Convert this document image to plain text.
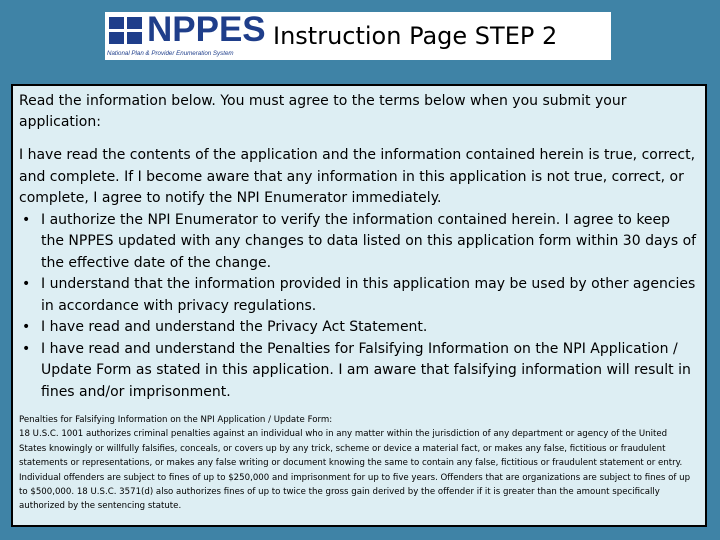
NPPES
National Plan & Provider Enumeration System
Instruction Page STEP 2

Read the information below. You must agree to the terms below when you submit your application:

I have read the contents of the application and the information contained herein is true, correct, and complete. If I become aware that any information in this application is not true, correct, or complete, I agree to notify the NPI Enumerator immediately.

• I authorize the NPI Enumerator to verify the information contained herein. I agree to keep the NPPES updated with any changes to data listed on this application form within 30 days of the effective date of the change.
• I understand that the information provided in this application may be used by other agencies in accordance with privacy regulations.
• I have read and understand the Privacy Act Statement.
• I have read and understand the Penalties for Falsifying Information on the NPI Application / Update Form as stated in this application. I am aware that falsifying information will result in fines and/or imprisonment.
Penalties for Falsifying Information on the NPI Application / Update Form:
18 U.S.C. 1001 authorizes criminal penalties against an individual who in any matter within the jurisdiction of any department or agency of the United States knowingly or willfully falsifies, conceals, or covers up by any trick, scheme or device a material fact, or makes any false, fictitious or fraudulent statements or representations, or makes any false writing or document knowing the same to contain any false, fictitious or fraudulent statement or entry. Individual offenders are subject to fines of up to $250,000 and imprisonment for up to five years. Offenders that are organizations are subject to fines of up to $500,000. 18 U.S.C. 3571(d) also authorizes fines of up to twice the gross gain derived by the offender if it is greater than the amount specifically authorized by the sentencing statute.
